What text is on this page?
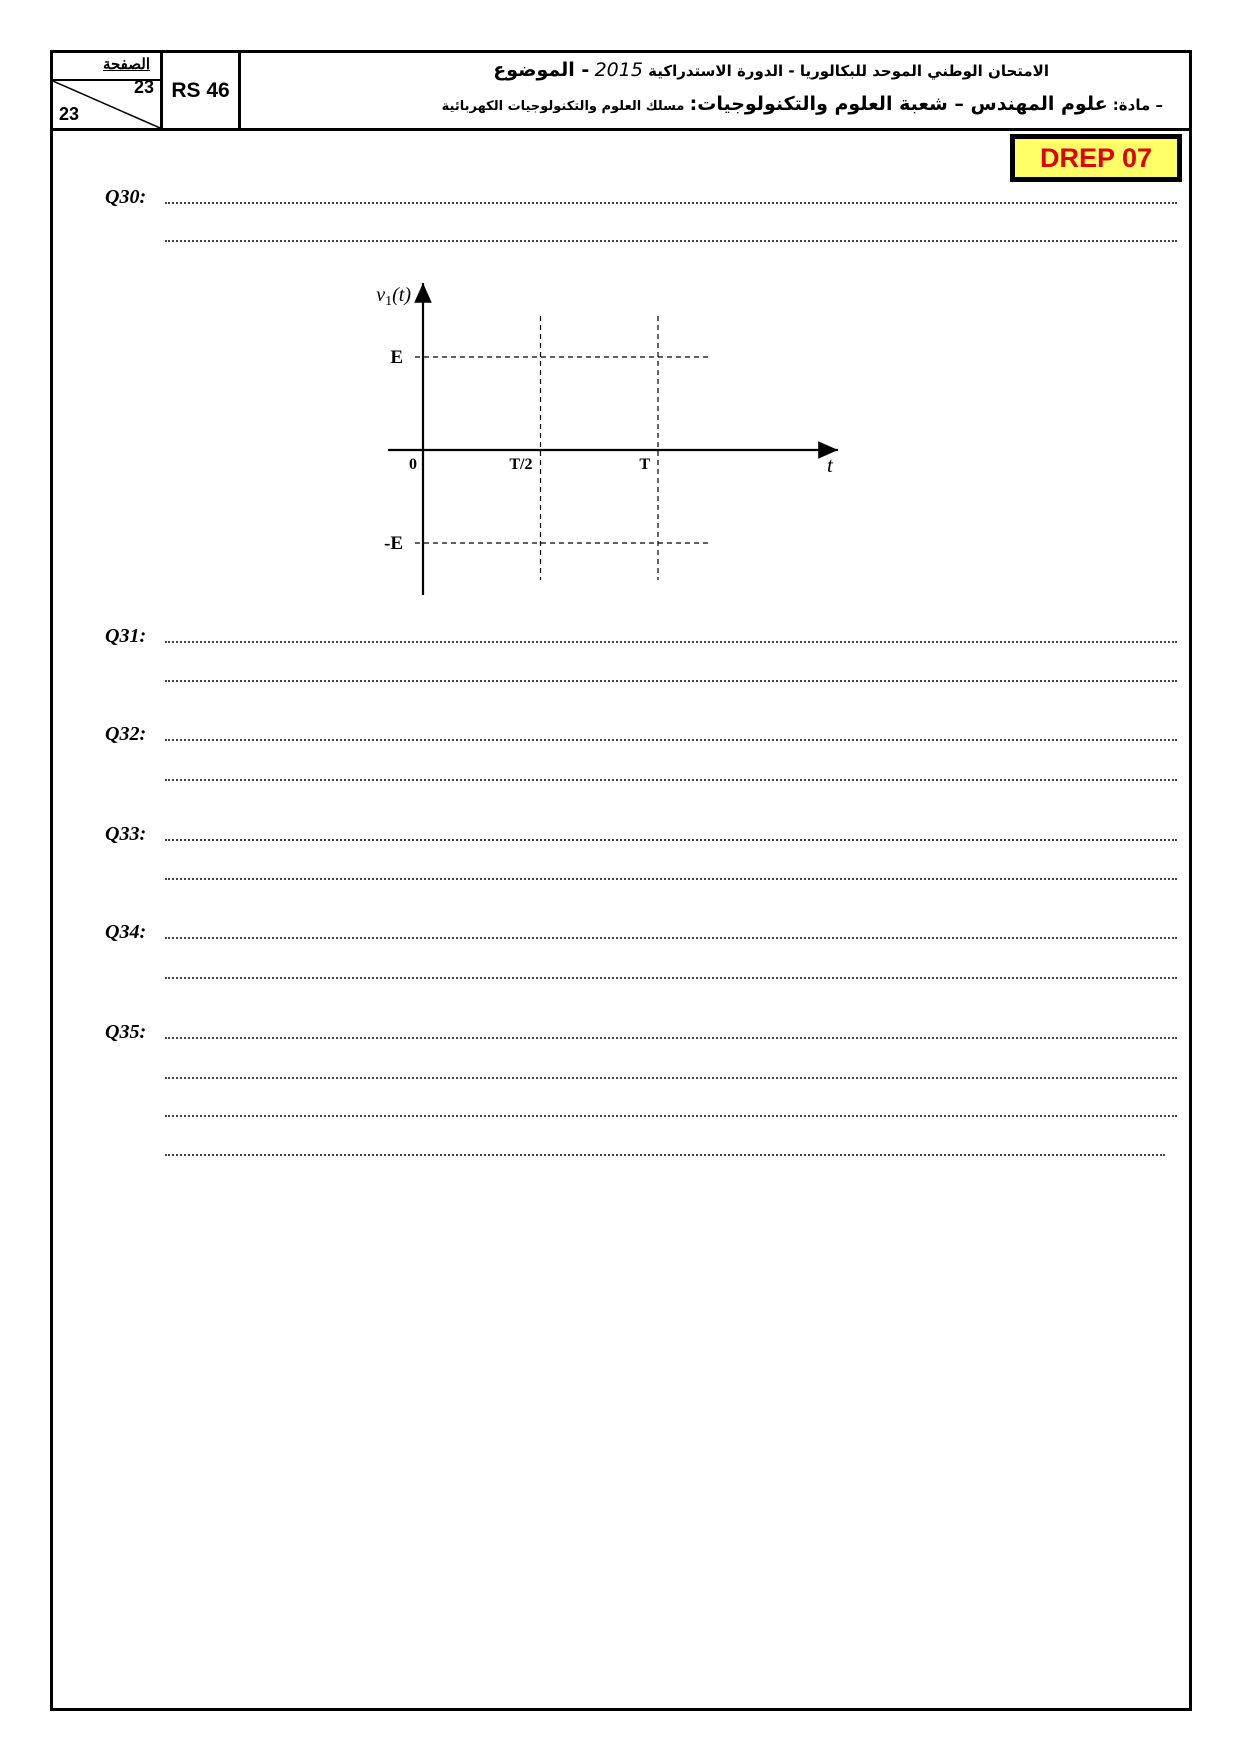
الصفحة
23
23
RS 46
الامتحان الوطني الموحد للبكالوريا - الدورة الاستدراكية 2015 - الموضوع
– مادة: علوم المهندس – شعبة العلوم والتكنولوجيات: مسلك العلوم والتكنولوجيات الكهربائية
DREP 07
Q30:
E
-E
0	T/2	T
$v_1(t)$
t
Q31:
Q32:
Q33:
Q34:
Q35:
